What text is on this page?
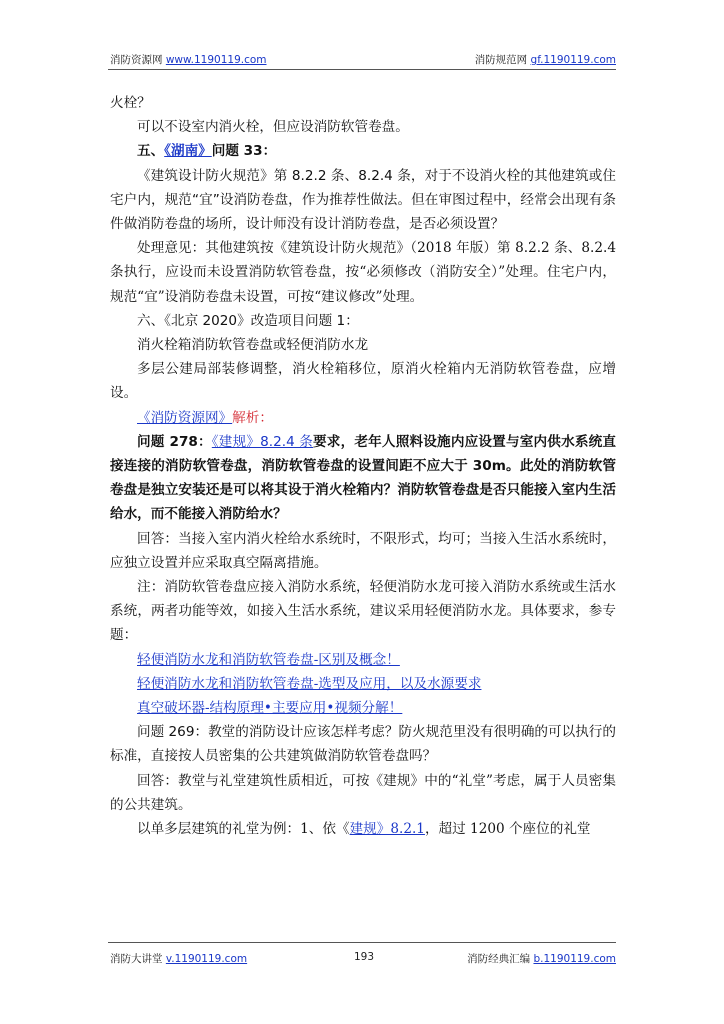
消防资源网 www.1190119.com	消防规范网 gf.1190119.com

火栓？

可以不设室内消火栓，但应设消防软管卷盘。

五、《湖南》问题 33：

《建筑设计防火规范》第 8.2.2 条、8.2.4 条，对于不设消火栓的其他建筑或住宅户内，规范“宜”设消防卷盘，作为推荐性做法。但在审图过程中，经常会出现有条件做消防卷盘的场所，设计师没有设计消防卷盘，是否必须设置？

处理意见：其他建筑按《建筑设计防火规范》（2018 年版）第 8.2.2 条、8.2.4 条执行，应设而未设置消防软管卷盘，按“必须修改（消防安全）”处理。住宅户内，规范“宜”设消防卷盘未设置，可按“建议修改”处理。

六、《北京 2020》改造项目问题 1：

消火栓箱消防软管卷盘或轻便消防水龙

多层公建局部装修调整，消火栓箱移位，原消火栓箱内无消防软管卷盘，应增设。

《消防资源网》解析：

问题 278：《建规》8.2.4 条要求，老年人照料设施内应设置与室内供水系统直接连接的消防软管卷盘，消防软管卷盘的设置间距不应大于 30m。此处的消防软管卷盘是独立安装还是可以将其设于消火栓箱内？消防软管卷盘是否只能接入室内生活给水，而不能接入消防给水？

回答：当接入室内消火栓给水系统时，不限形式，均可；当接入生活水系统时，应独立设置并应采取真空隔离措施。

注：消防软管卷盘应接入消防水系统，轻便消防水龙可接入消防水系统或生活水系统，两者功能等效，如接入生活水系统，建议采用轻便消防水龙。具体要求，参专题：

轻便消防水龙和消防软管卷盘-区别及概念！

轻便消防水龙和消防软管卷盘-选型及应用，以及水源要求

真空破坏器-结构原理•主要应用•视频分解！

问题 269：教堂的消防设计应该怎样考虑？防火规范里没有很明确的可以执行的标准，直接按人员密集的公共建筑做消防软管卷盘吗？

回答：教堂与礼堂建筑性质相近，可按《建规》中的“礼堂”考虑，属于人员密集的公共建筑。

以单多层建筑的礼堂为例：1、依《建规》8.2.1，超过 1200 个座位的礼堂

消防大讲堂 v.1190119.com	193	消防经典汇编 b.1190119.com
